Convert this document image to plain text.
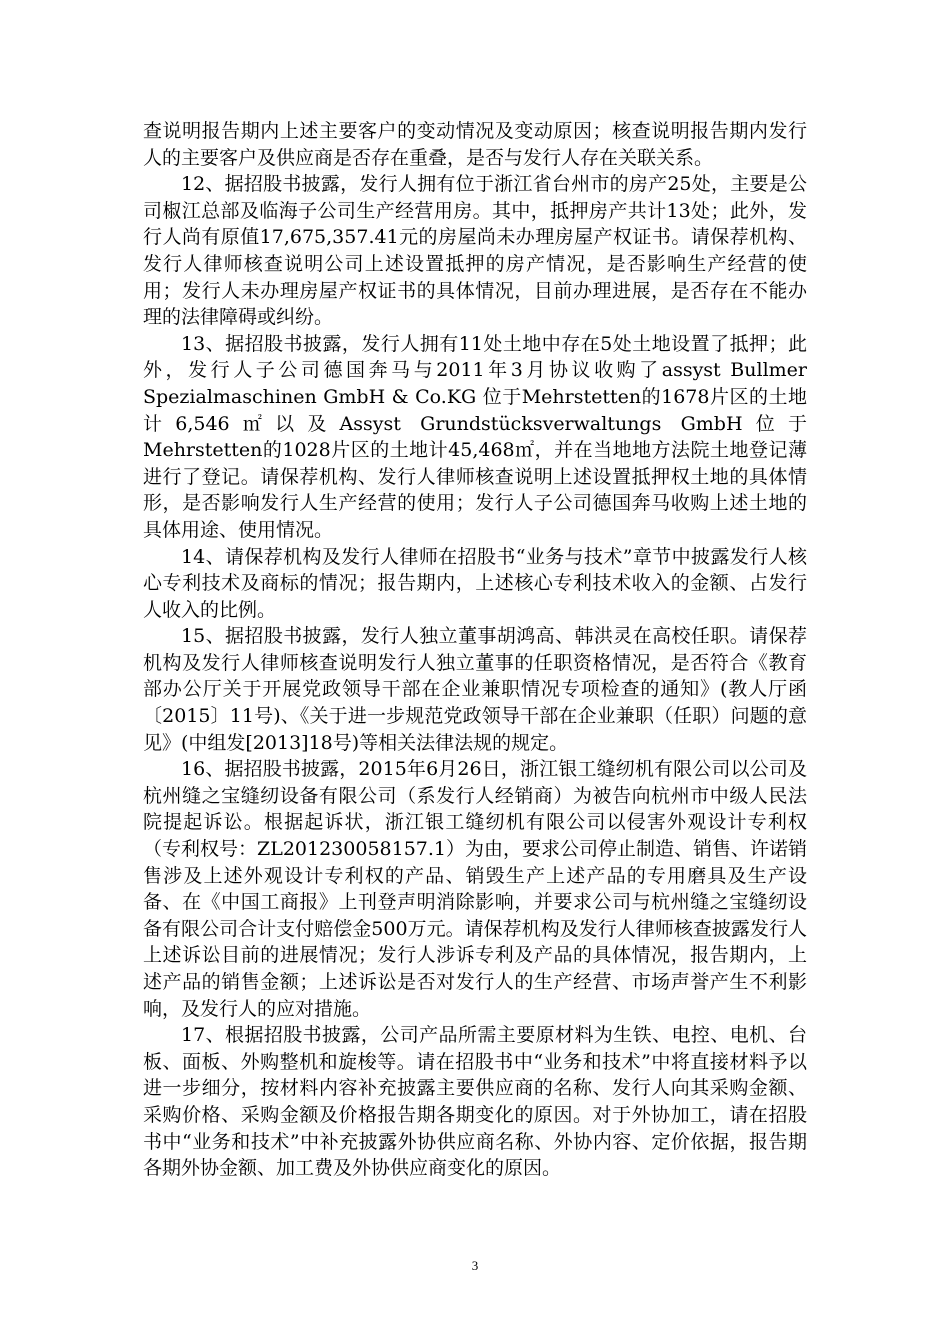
查说明报告期内上述主要客户的变动情况及变动原因；核查说明报告期内发行人的主要客户及供应商是否存在重叠，是否与发行人存在关联关系。

12、据招股书披露，发行人拥有位于浙江省台州市的房产25处，主要是公司椒江总部及临海子公司生产经营用房。其中，抵押房产共计13处；此外，发行人尚有原值17,675,357.41元的房屋尚未办理房屋产权证书。请保荐机构、发行人律师核查说明公司上述设置抵押的房产情况，是否影响生产经营的使用；发行人未办理房屋产权证书的具体情况，目前办理进展，是否存在不能办理的法律障碍或纠纷。

13、据招股书披露，发行人拥有11处土地中存在5处土地设置了抵押；此外，发行人子公司德国奔马与2011年3月协议收购了assyst Bullmer Spezialmaschinen GmbH & Co.KG 位于Mehrstetten的1678片区的土地计6,546㎡以及Assyst Grundstücksverwaltungs GmbH位于Mehrstetten的1028片区的土地计45,468㎡，并在当地地方法院土地登记薄进行了登记。请保荐机构、发行人律师核查说明上述设置抵押权土地的具体情形，是否影响发行人生产经营的使用；发行人子公司德国奔马收购上述土地的具体用途、使用情况。

14、请保荐机构及发行人律师在招股书“业务与技术”章节中披露发行人核心专利技术及商标的情况；报告期内，上述核心专利技术收入的金额、占发行人收入的比例。

15、据招股书披露，发行人独立董事胡鸿高、韩洪灵在高校任职。请保荐机构及发行人律师核查说明发行人独立董事的任职资格情况，是否符合《教育部办公厅关于开展党政领导干部在企业兼职情况专项检查的通知》(教人厅函〔2015〕11号)、《关于进一步规范党政领导干部在企业兼职（任职）问题的意见》(中组发[2013]18号)等相关法律法规的规定。

16、据招股书披露，2015年6月26日，浙江银工缝纫机有限公司以公司及杭州缝之宝缝纫设备有限公司（系发行人经销商）为被告向杭州市中级人民法院提起诉讼。根据起诉状，浙江银工缝纫机有限公司以侵害外观设计专利权（专利权号：ZL201230058157.1）为由，要求公司停止制造、销售、许诺销售涉及上述外观设计专利权的产品、销毁生产上述产品的专用磨具及生产设备、在《中国工商报》上刊登声明消除影响，并要求公司与杭州缝之宝缝纫设备有限公司合计支付赔偿金500万元。请保荐机构及发行人律师核查披露发行人上述诉讼目前的进展情况；发行人涉诉专利及产品的具体情况，报告期内，上述产品的销售金额；上述诉讼是否对发行人的生产经营、市场声誉产生不利影响，及发行人的应对措施。

17、根据招股书披露，公司产品所需主要原材料为生铁、电控、电机、台板、面板、外购整机和旋梭等。请在招股书中“业务和技术”中将直接材料予以进一步细分，按材料内容补充披露主要供应商的名称、发行人向其采购金额、采购价格、采购金额及价格报告期各期变化的原因。对于外协加工，请在招股书中“业务和技术”中补充披露外协供应商名称、外协内容、定价依据，报告期各期外协金额、加工费及外协供应商变化的原因。

3
